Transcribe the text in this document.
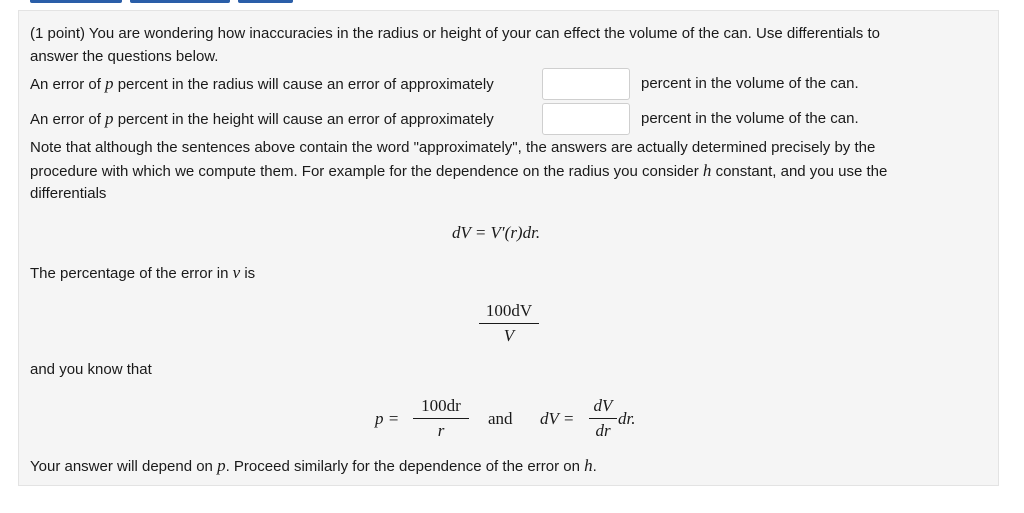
(1 point) You are wondering how inaccuracies in the radius or height of your can effect the volume of the can. Use differentials to
answer the questions below.
An error of p percent in the radius will cause an error of approximately	percent in the volume of the can.
An error of p percent in the height will cause an error of approximately	percent in the volume of the can.
Note that although the sentences above contain the word "approximately", the answers are actually determined precisely by the
procedure with which we compute them. For example for the dependence on the radius you consider h constant, and you use the
differentials
dV = V′(r)dr.
The percentage of the error in v is
100dV
V
and you know that
p =
100dr
r
and dV =
dV
dr
dr.
Your answer will depend on p. Proceed similarly for the dependence of the error on h.
